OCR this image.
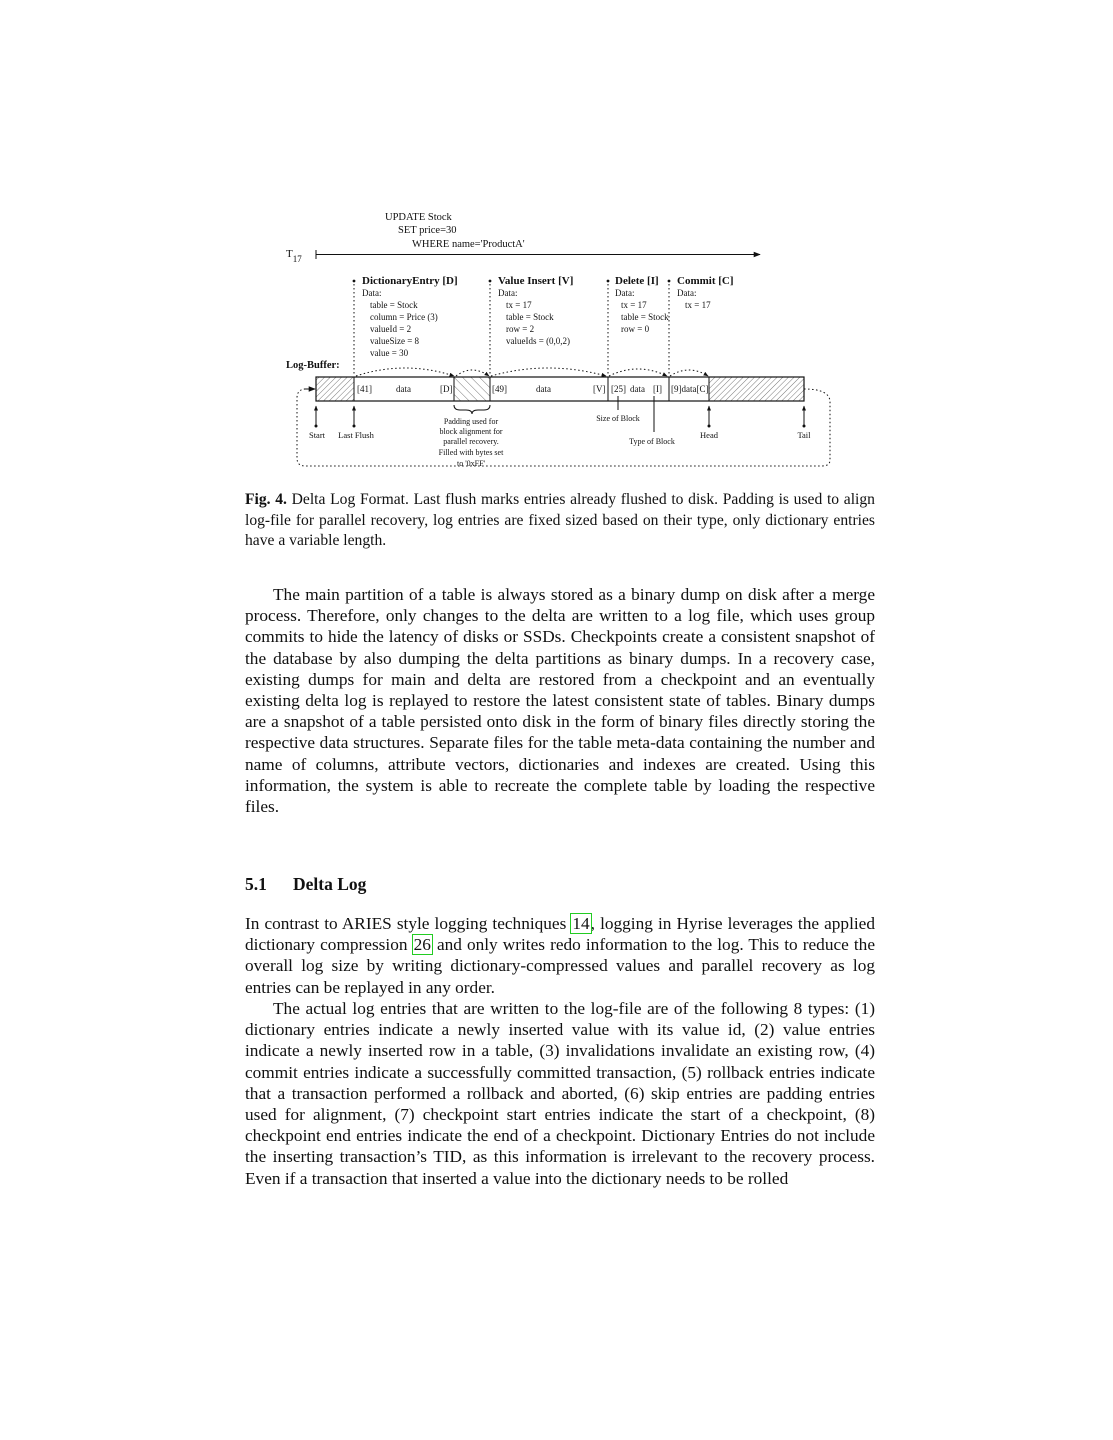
UPDATE Stock
SET price=30
WHERE name='ProductA'
$T_{17}$
DictionaryEntry [D]
Data:
table = Stock
column = Price (3)
valueId = 2
valueSize = 8
value = 30
Value Insert [V]
Data:
tx = 17
table = Stock
row = 2
valueIds = (0,0,2)
Delete [I]
Data:
tx = 17
table = Stock
row = 0
Commit [C]
Data:
tx = 17
Log-Buffer:
[41]	data	[D]	[49]	data	[V] [25] data [I] [9]data[C]
Padding used for
block alignment for
parallel recovery.
Filled with bytes set
to '0xFF'
Size of Block
Type of Block
Start Last Flush	Head	Tail
Fig. 4. Delta Log Format. Last flush marks entries already flushed to disk. Padding is used to align log-file for parallel recovery, log entries are fixed sized based on their type, only dictionary entries have a variable length.

The main partition of a table is always stored as a binary dump on disk after a merge process. Therefore, only changes to the delta are written to a log file, which uses group commits to hide the latency of disks or SSDs. Checkpoints create a consistent snapshot of the database by also dumping the delta partitions as binary dumps. In a recovery case, existing dumps for main and delta are restored from a checkpoint and an eventually existing delta log is replayed to restore the latest consistent state of tables. Binary dumps are a snapshot of a table persisted onto disk in the form of binary files directly storing the respective data structures. Separate files for the table meta-data containing the number and name of columns, attribute vectors, dictionaries and indexes are created. Using this information, the system is able to recreate the complete table by loading the respective files.

5.1 Delta Log

In contrast to ARIES style logging techniques 14, logging in Hyrise leverages the applied dictionary compression 26 and only writes redo information to the log. This to reduce the overall log size by writing dictionary-compressed values and parallel recovery as log entries can be replayed in any order.

The actual log entries that are written to the log-file are of the following 8 types: (1) dictionary entries indicate a newly inserted value with its value id, (2) value entries indicate a newly inserted row in a table, (3) invalidations invalidate an existing row, (4) commit entries indicate a successfully committed transaction, (5) rollback entries indicate that a transaction performed a rollback and aborted, (6) skip entries are padding entries used for alignment, (7) checkpoint start entries indicate the start of a checkpoint, (8) checkpoint end entries indicate the end of a checkpoint. Dictionary Entries do not include the inserting transaction’s TID, as this information is irrelevant to the recovery process. Even if a transaction that inserted a value into the dictionary needs to be rolled
